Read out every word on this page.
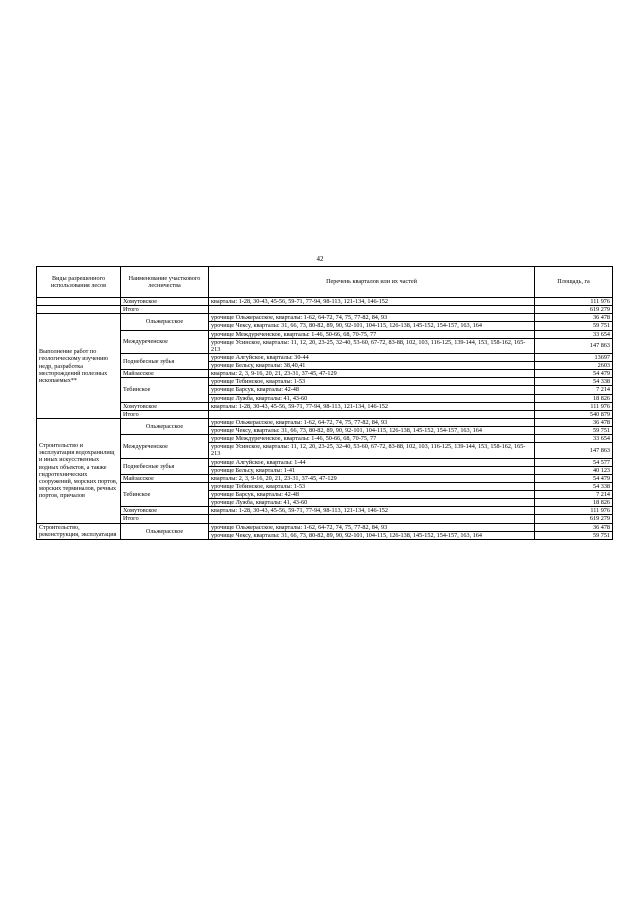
42
Виды разрешенного использования лесов	Наименование участкового лесничества	Перечень кварталов или их частей	Площадь, га
	Хомутовское	кварталы: 1-28, 30-43, 45-56, 59-71, 77-94, 98-113, 121-134, 146-152	111 976
	Итого		619 279
Выполнение работ по геологическому изучению недр, разработка месторождений полезных ископаемых**	Ольжерасское	урочище Ольжерасское, кварталы: 1-62, 64-72, 74, 75, 77-82, 84, 93	36 478
		урочище Чексу, кварталы: 31, 66, 73, 80-82, 89, 90, 92-101, 104-115, 126-138, 145-152, 154-157, 163, 164	59 751
	Междуреченское	урочище Междуреченское, кварталы: 1-46, 50-66, 68, 70-75, 77	33 654
		урочище Усинское, кварталы: 11, 12, 20, 23-25, 32-40, 53-60, 67-72, 83-88, 102, 103, 116-125, 139-144, 153, 158-162, 165-213	147 863
	Поднебесные зубья	урочище Алгуйское, кварталы: 30-44	13697
		урочище Бельсу, кварталы: 38,40,41	2603
	Майзасское	кварталы: 2, 3, 9-16, 20, 21, 23-31, 37-45, 47-129	54 479
	Тебинское	урочище Тебинское, кварталы: 1-53	54 338
		урочище Барсук, кварталы: 42-48	7 214
		урочище Лужба, кварталы: 41, 43-60	18 826
	Хомутовское	кварталы: 1-28, 30-43, 45-56, 59-71, 77-94, 98-113, 121-134, 146-152	111 976
	Итого		540 879
Строительство и эксплуатация водохранилищ и иных искусственных водных объектов, а также гидротехнических сооружений, морских портов, морских терминалов, речных портов, причалов	Ольжерасское	урочище Ольжерасское, кварталы: 1-62, 64-72, 74, 75, 77-82, 84, 93	36 478
		урочище Чексу, кварталы: 31, 66, 73, 80-82, 89, 90, 92-101, 104-115, 126-138, 145-152, 154-157, 163, 164	59 751
	Междуреченское	урочище Междуреченское, кварталы: 1-46, 50-66, 68, 70-75, 77	33 654
		урочище Усинское, кварталы: 11, 12, 20, 23-25, 32-40, 53-60, 67-72, 83-88, 102, 103, 116-125, 139-144, 153, 158-162, 165-213	147 863
	Поднебесные зубья	урочище Алгуйское, кварталы: 1-44	54 577
		урочище Бельсу, кварталы: 1-41	40 123
	Майзасское	кварталы: 2, 3, 9-16, 20, 21, 23-31, 37-45, 47-129	54 479
	Тебинское	урочище Тебинское, кварталы: 1-53	54 338
		урочище Барсук, кварталы: 42-48	7 214
		урочище Лужба, кварталы: 41, 43-60	18 826
	Хомутовское	кварталы: 1-28, 30-43, 45-56, 59-71, 77-94, 98-113, 121-134, 146-152	111 976
	Итого		619 279
Строительство, реконструкция, эксплуатация	Ольжерасское	урочище Ольжерасское, кварталы: 1-62, 64-72, 74, 75, 77-82, 84, 93	36 478
		урочище Чексу, кварталы: 31, 66, 73, 80-82, 89, 90, 92-101, 104-115, 126-138, 145-152, 154-157, 163, 164	59 751
